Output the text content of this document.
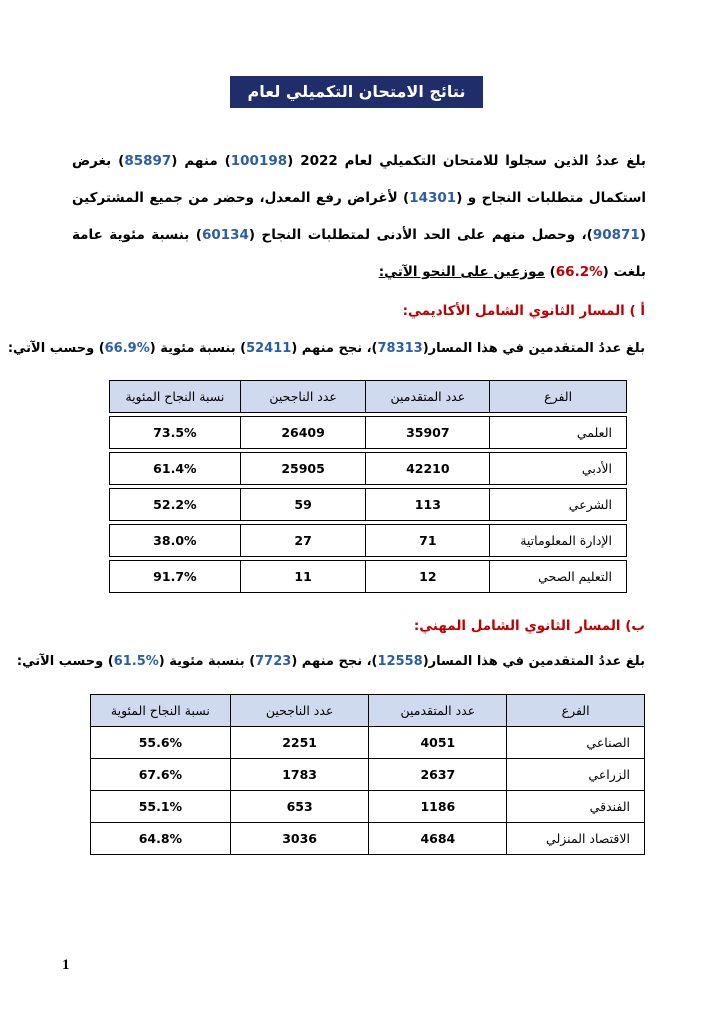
نتائج الامتحان التكميلي لعام 2022

بلغ عددُ الذين سجلوا للامتحان التكميلي لعام 2022 (100198) منهم (85897) بغرض استكمال متطلبات النجاح و (14301) لأغراض رفع المعدل، وحضر من جميع المشتركين (90871)، وحصل منهم على الحد الأدنى لمتطلبات النجاح (60134) بنسبة مئوية عامة بلغت (%66.2) موزعين على النحو الآتي:

أ ) المسار الثانوي الشامل الأكاديمي:
بلغ عددُ المتقدمين في هذا المسار(78313)، نجح منهم (52411) بنسبة مئوية (%66.9) وحسب الآتي:
الفرع	عدد المتقدمين	عدد الناجحين	نسبة النجاح المئوية

العلمي	35907	26409	73.5%

الأدبي	42210	25905	61.4%

الشرعي	113	59	52.2%

الإدارة المعلوماتية	71	27	38.0%

التعليم الصحي	12	11	91.7%
ب) المسار الثانوي الشامل المهني:
بلغ عددُ المتقدمين في هذا المسار(12558)، نجح منهم (7723) بنسبة مئوية (%61.5) وحسب الآتي:
الفرع	عدد المتقدمين	عدد الناجحين	نسبة النجاح المئوية
الصناعي	4051	2251	55.6%
الزراعي	2637	1783	67.6%
الفندقي	1186	653	55.1%
الاقتصاد المنزلي	4684	3036	64.8%
1
